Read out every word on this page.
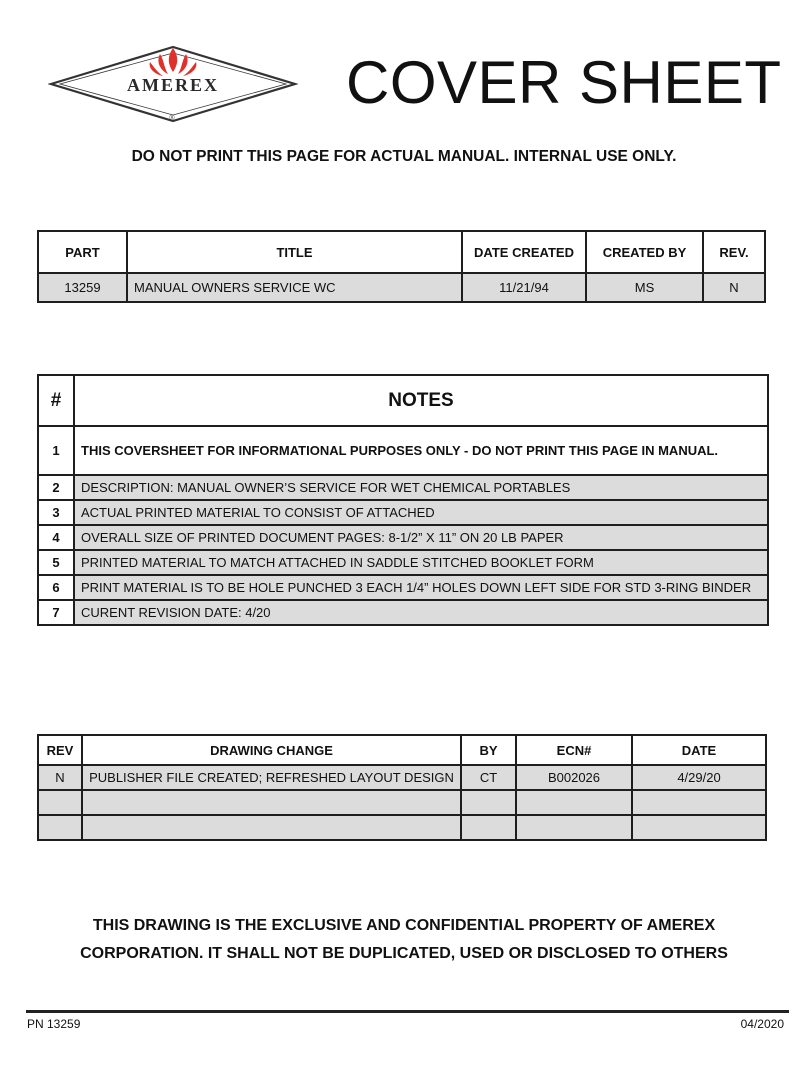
AMEREX
®
COVER SHEET
DO NOT PRINT THIS PAGE FOR ACTUAL MANUAL. INTERNAL USE ONLY.
PART	TITLE	DATE CREATED	CREATED BY	REV.
13259	MANUAL OWNERS SERVICE WC	11/21/94	MS	N
#	NOTES
1	THIS COVERSHEET FOR INFORMATIONAL PURPOSES ONLY - DO NOT PRINT THIS PAGE IN MANUAL.
2	DESCRIPTION: MANUAL OWNER’S SERVICE FOR WET CHEMICAL PORTABLES
3	ACTUAL PRINTED MATERIAL TO CONSIST OF ATTACHED
4	OVERALL SIZE OF PRINTED DOCUMENT PAGES: 8-1/2” X 11” ON 20 LB PAPER
5	PRINTED MATERIAL TO MATCH ATTACHED IN SADDLE STITCHED BOOKLET FORM
6	PRINT MATERIAL IS TO BE HOLE PUNCHED 3 EACH 1/4” HOLES DOWN LEFT SIDE FOR STD 3-RING BINDER
7	CURENT REVISION DATE: 4/20
REV	DRAWING CHANGE	BY	ECN#	DATE
N	PUBLISHER FILE CREATED; REFRESHED LAYOUT DESIGN	CT	B002026	4/29/20

THIS DRAWING IS THE EXCLUSIVE AND CONFIDENTIAL PROPERTY OF AMEREX
CORPORATION. IT SHALL NOT BE DUPLICATED, USED OR DISCLOSED TO OTHERS
PN 13259	04/2020
